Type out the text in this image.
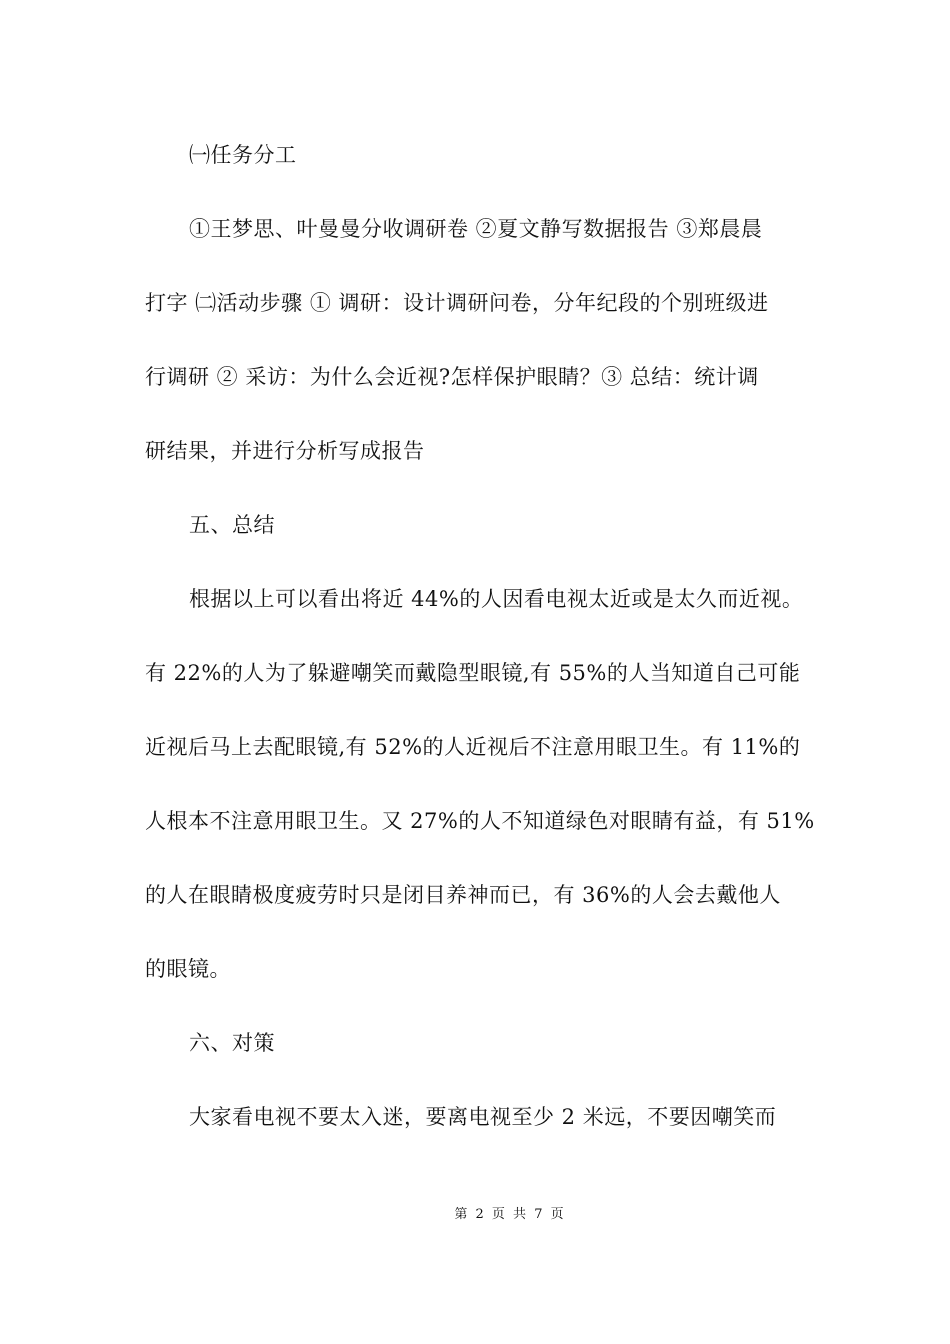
㈠任务分工
①王梦思、叶曼曼分收调研卷 ②夏文静写数据报告 ③郑晨晨
打字 ㈡活动步骤 ① 调研：设计调研问卷，分年纪段的个别班级进
行调研 ② 采访：为什么会近视?怎样保护眼睛？③ 总结：统计调
研结果，并进行分析写成报告
五、总结
根据以上可以看出将近 44%的人因看电视太近或是太久而近视。
有 22%的人为了躲避嘲笑而戴隐型眼镜,有 55%的人当知道自己可能
近视后马上去配眼镜,有 52%的人近视后不注意用眼卫生。有 11%的
人根本不注意用眼卫生。又 27%的人不知道绿色对眼睛有益，有 51%
的人在眼睛极度疲劳时只是闭目养神而已，有 36%的人会去戴他人
的眼镜。
六、对策
大家看电视不要太入迷，要离电视至少 2 米远，不要因嘲笑而
第 2 页 共 7 页
